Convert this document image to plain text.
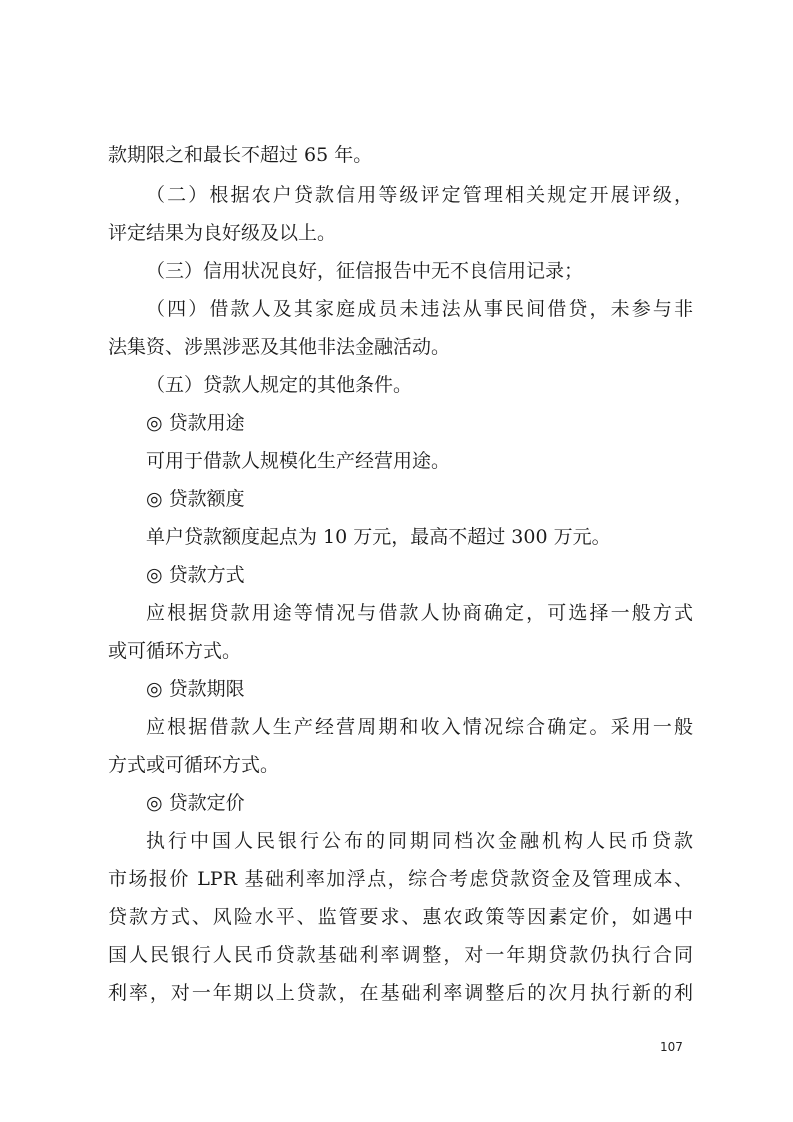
款期限之和最长不超过 65 年。
（二）根据农户贷款信用等级评定管理相关规定开展评级，
评定结果为良好级及以上。
（三）信用状况良好，征信报告中无不良信用记录；
（四）借款人及其家庭成员未违法从事民间借贷，未参与非
法集资、涉黑涉恶及其他非法金融活动。
（五）贷款人规定的其他条件。
◎ 贷款用途
可用于借款人规模化生产经营用途。
◎ 贷款额度
单户贷款额度起点为 10 万元，最高不超过 300 万元。
◎ 贷款方式
应根据贷款用途等情况与借款人协商确定，可选择一般方式
或可循环方式。
◎ 贷款期限
应根据借款人生产经营周期和收入情况综合确定。采用一般
方式或可循环方式。
◎ 贷款定价
执行中国人民银行公布的同期同档次金融机构人民币贷款
市场报价 LPR 基础利率加浮点，综合考虑贷款资金及管理成本、
贷款方式、风险水平、监管要求、惠农政策等因素定价，如遇中
国人民银行人民币贷款基础利率调整，对一年期贷款仍执行合同
利率，对一年期以上贷款，在基础利率调整后的次月执行新的利
107
